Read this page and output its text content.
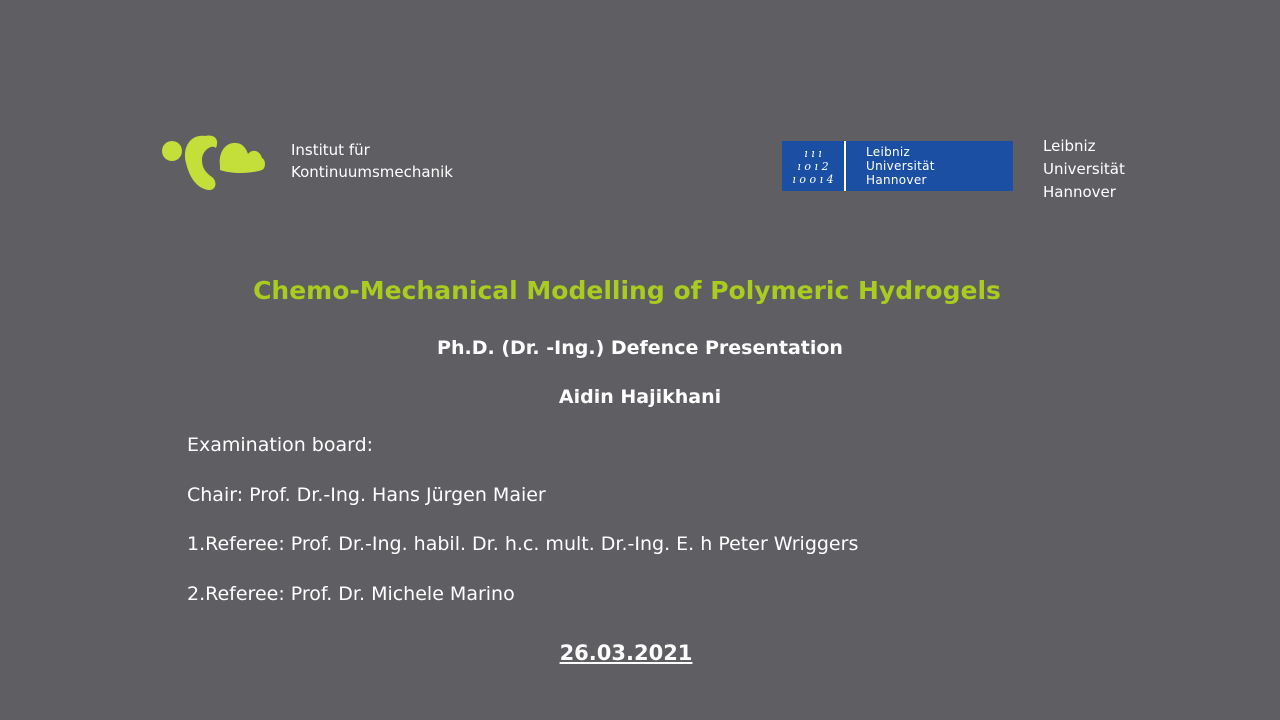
Institut für
Kontinuumsmechanik
ı ı ı
ı o ı 2
ı o o ı 4
Leibniz
Universität
Hannover
Leibniz
Universität
Hannover
Chemo-Mechanical Modelling of Polymeric Hydrogels
Ph.D. (Dr. -Ing.) Defence Presentation
Aidin Hajikhani
Examination board:
Chair: Prof. Dr.-Ing. Hans Jürgen Maier
1.Referee: Prof. Dr.-Ing. habil. Dr. h.c. mult. Dr.-Ing. E. h Peter Wriggers
2.Referee: Prof. Dr. Michele Marino
26.03.2021
